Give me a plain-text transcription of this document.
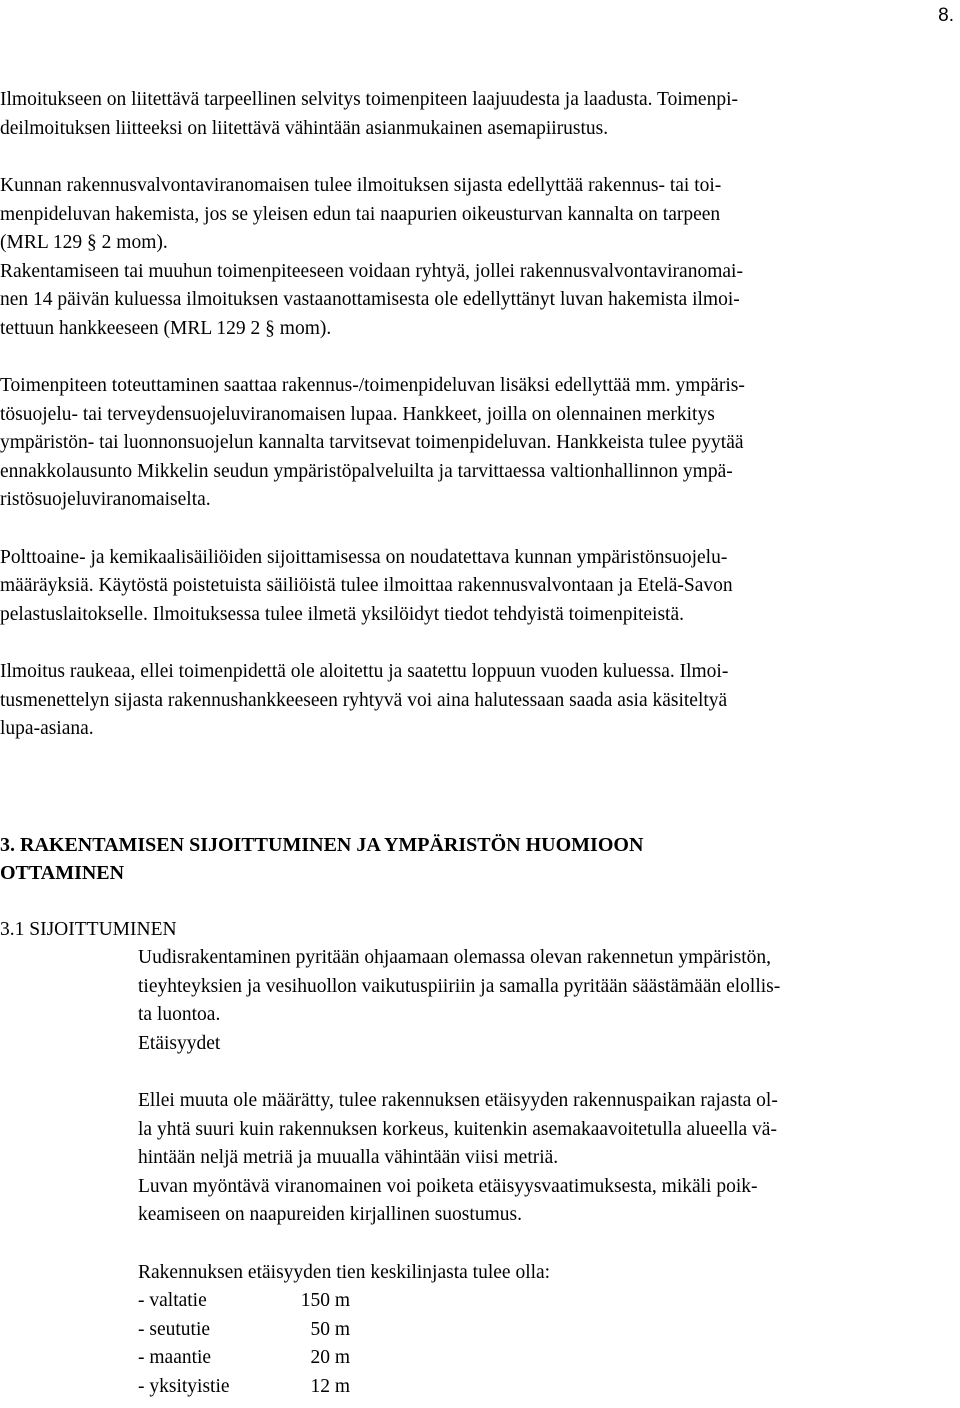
8.

Ilmoitukseen on liitettävä tarpeellinen selvitys toimenpiteen laajuudesta ja laadusta. Toimenpi-
deilmoituksen liitteeksi on liitettävä vähintään asianmukainen asemapiirustus.

Kunnan rakennusvalvontaviranomaisen tulee ilmoituksen sijasta edellyttää rakennus- tai toi-
menpideluvan hakemista, jos se yleisen edun tai naapurien oikeusturvan kannalta on tarpeen
(MRL 129 § 2 mom).
Rakentamiseen tai muuhun toimenpiteeseen voidaan ryhtyä, jollei rakennusvalvontaviranomai-
nen 14 päivän kuluessa ilmoituksen vastaanottamisesta ole edellyttänyt luvan hakemista ilmoi-
tettuun hankkeeseen (MRL 129 2 § mom).

Toimenpiteen toteuttaminen saattaa rakennus-/toimenpideluvan lisäksi edellyttää mm. ympäris-
tösuojelu- tai terveydensuojeluviranomaisen lupaa. Hankkeet, joilla on olennainen merkitys
ympäristön- tai luonnonsuojelun kannalta tarvitsevat toimenpideluvan. Hankkeista tulee pyytää
ennakkolausunto Mikkelin seudun ympäristöpalveluilta ja tarvittaessa valtionhallinnon ympä-
ristösuojeluviranomaiselta.

Polttoaine- ja kemikaalisäiliöiden sijoittamisessa on noudatettava kunnan ympäristönsuojelu-
määräyksiä. Käytöstä poistetuista säiliöistä tulee ilmoittaa rakennusvalvontaan ja Etelä-Savon
pelastuslaitokselle. Ilmoituksessa tulee ilmetä yksilöidyt tiedot tehdyistä toimenpiteistä.

Ilmoitus raukeaa, ellei toimenpidettä ole aloitettu ja saatettu loppuun vuoden kuluessa. Ilmoi-
tusmenettelyn sijasta rakennushankkeeseen ryhtyvä voi aina halutessaan saada asia käsiteltyä
lupa-asiana.

3. RAKENTAMISEN SIJOITTUMINEN JA YMPÄRISTÖN HUOMIOON
OTTAMINEN
3.1 SIJOITTUMINEN

Uudisrakentaminen pyritään ohjaamaan olemassa olevan rakennetun ympäristön,
tieyhteyksien ja vesihuollon vaikutuspiiriin ja samalla pyritään säästämään elollis-
ta luontoa.

Etäisyydet

Ellei muuta ole määrätty, tulee rakennuksen etäisyyden rakennuspaikan rajasta ol-
la yhtä suuri kuin rakennuksen korkeus, kuitenkin asemakaavoitetulla alueella vä-
hintään neljä metriä ja muualla vähintään viisi metriä.
Luvan myöntävä viranomainen voi poiketa etäisyysvaatimuksesta, mikäli poik-
keamiseen on naapureiden kirjallinen suostumus.

Rakennuksen etäisyyden tien keskilinjasta tulee olla:

- valtatie	150 m
- seututie	50 m
- maantie	20 m
- yksityistie	12 m
